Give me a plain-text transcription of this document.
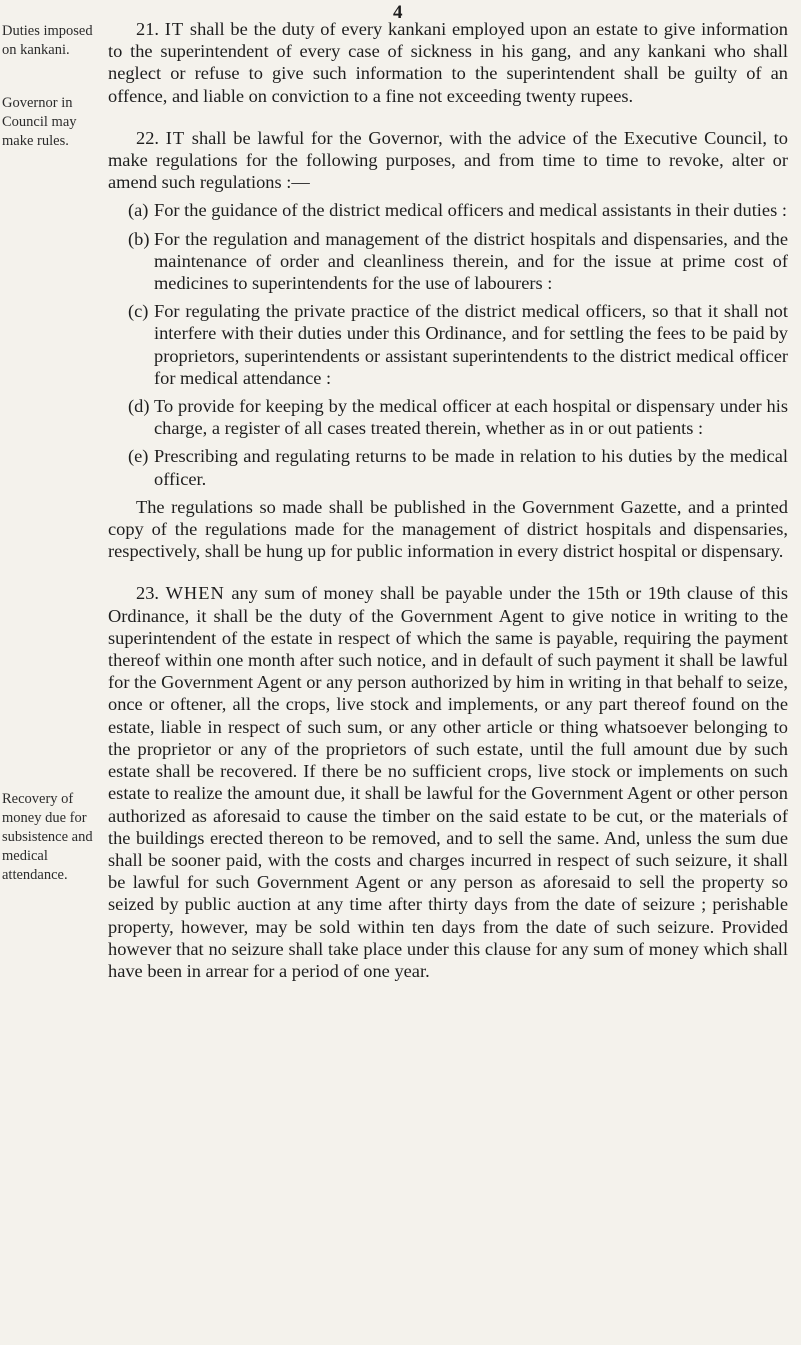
4
Duties imposed on kankani.
Governor in Council may make rules.
Recovery of money due for subsistence and medical attendance.

21. IT shall be the duty of every kankani employed upon an estate to give information to the superintendent of every case of sickness in his gang, and any kankani who shall neglect or refuse to give such information to the superintendent shall be guilty of an offence, and liable on conviction to a fine not exceeding twenty rupees.

22. IT shall be lawful for the Governor, with the advice of the Executive Council, to make regulations for the following purposes, and from time to time to revoke, alter or amend such regulations :—

(a) For the guidance of the district medical officers and medical assistants in their duties :
(b) For the regulation and management of the district hospitals and dispensaries, and the maintenance of order and cleanliness therein, and for the issue at prime cost of medicines to superintendents for the use of labourers :
(c) For regulating the private practice of the district medical officers, so that it shall not interfere with their duties under this Ordinance, and for settling the fees to be paid by proprietors, superintendents or assistant superintendents to the district medical officer for medical attendance :
(d) To provide for keeping by the medical officer at each hospital or dispensary under his charge, a register of all cases treated therein, whether as in or out patients :
(e) Prescribing and regulating returns to be made in relation to his duties by the medical officer.

The regulations so made shall be published in the Government Gazette, and a printed copy of the regulations made for the management of district hospitals and dispensaries, respectively, shall be hung up for public information in every district hospital or dispensary.

23. WHEN any sum of money shall be payable under the 15th or 19th clause of this Ordinance, it shall be the duty of the Government Agent to give notice in writing to the superintendent of the estate in respect of which the same is payable, requiring the payment thereof within one month after such notice, and in default of such payment it shall be lawful for the Government Agent or any person authorized by him in writing in that behalf to seize, once or oftener, all the crops, live stock and implements, or any part thereof found on the estate, liable in respect of such sum, or any other article or thing whatsoever belonging to the proprietor or any of the proprietors of such estate, until the full amount due by such estate shall be recovered. If there be no sufficient crops, live stock or implements on such estate to realize the amount due, it shall be lawful for the Government Agent or other person authorized as aforesaid to cause the timber on the said estate to be cut, or the materials of the buildings erected thereon to be removed, and to sell the same. And, unless the sum due shall be sooner paid, with the costs and charges incurred in respect of such seizure, it shall be lawful for such Government Agent or any person as aforesaid to sell the property so seized by public auction at any time after thirty days from the date of seizure ; perishable property, however, may be sold within ten days from the date of such seizure. Provided however that no seizure shall take place under this clause for any sum of money which shall have been in arrear for a period of one year.
